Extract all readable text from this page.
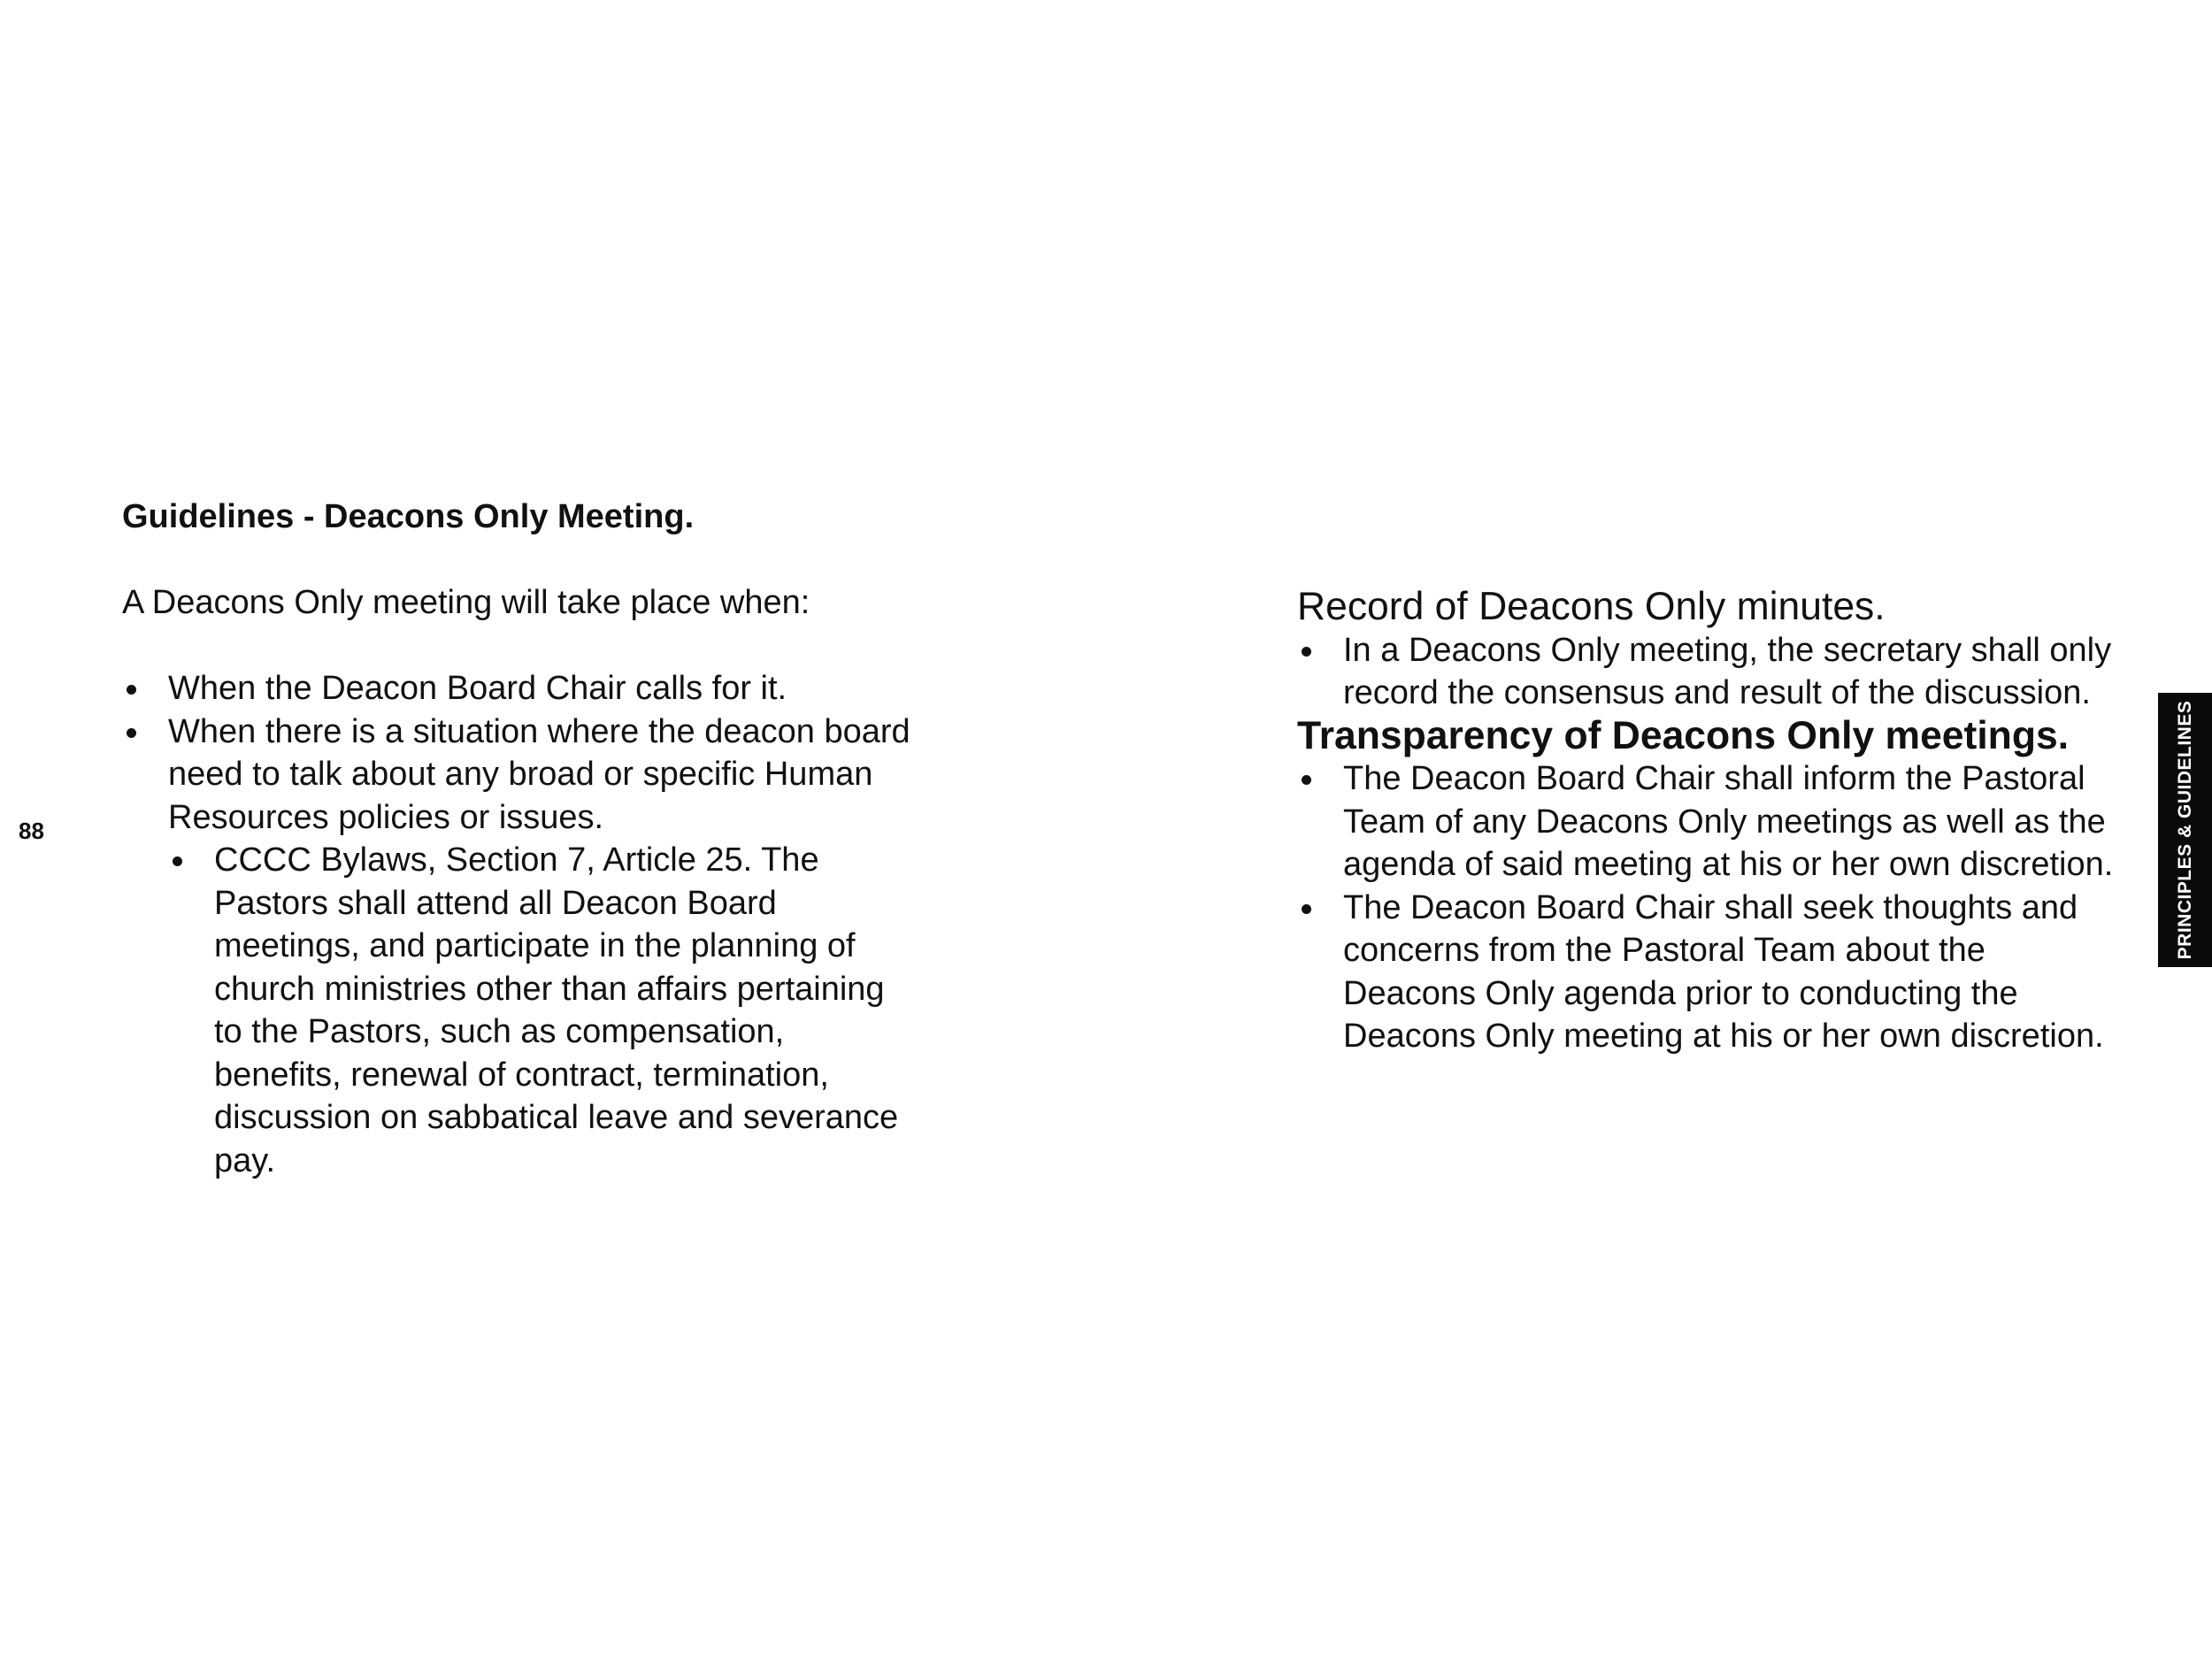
88
Guidelines - Deacons Only Meeting.

A Deacons Only meeting will take place when:

When the Deacon Board Chair calls for it.
When there is a situation where the deacon board need to talk about any broad or specific Human Resources policies or issues.
CCCC Bylaws, Section 7, Article 25. The Pastors shall attend all Deacon Board meetings, and participate in the planning of church ministries other than affairs pertaining to the Pastors, such as compensation, benefits, renewal of contract, termination, discussion on sabbatical leave and severance pay.
Record of Deacons Only minutes.
In a Deacons Only meeting, the secretary shall only record the consensus and result of the discussion.
Transparency of Deacons Only meetings.
The Deacon Board Chair shall inform the Pastoral Team of any Deacons Only meetings as well as the agenda of said meeting at his or her own discretion.
The Deacon Board Chair shall seek thoughts and concerns from the Pastoral Team about the Deacons Only agenda prior to conducting the Deacons Only meeting at his or her own discretion.
PRINCIPLES & GUIDELINES
